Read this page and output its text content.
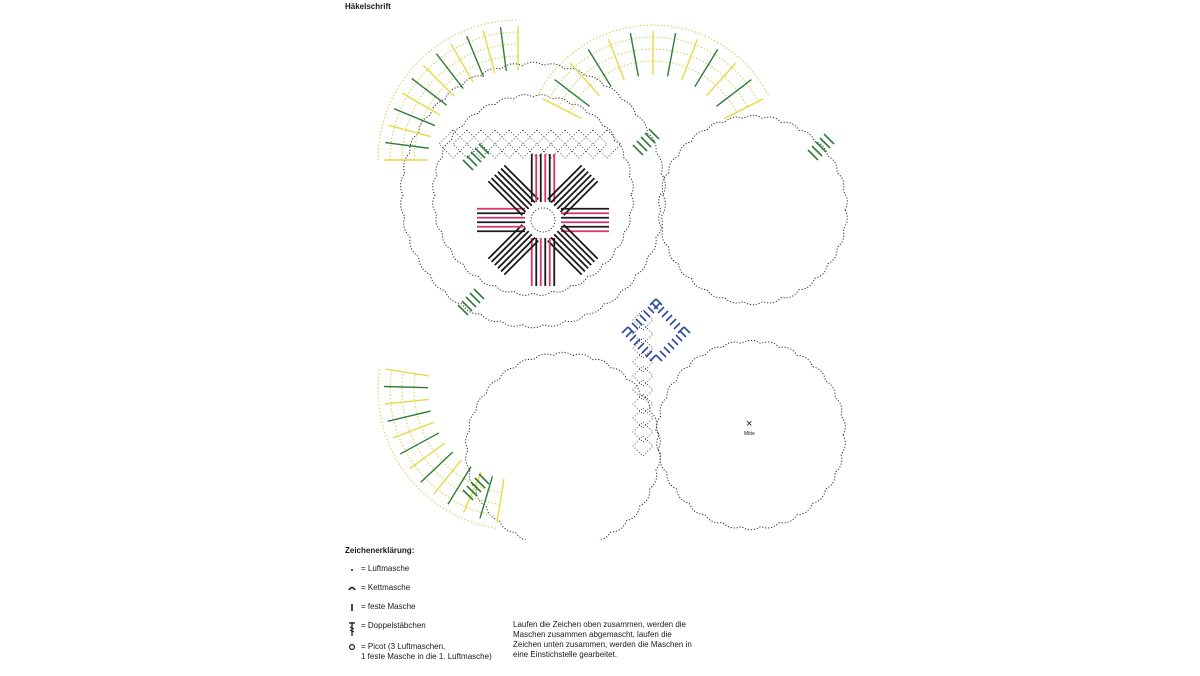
Häkelschrift
×
Mitte
Zeichenerklärung:
= Luftmasche
= Kettmasche
= feste Masche
= Doppelstäbchen
= Picot (3 Luftmaschen,
1 feste Masche in die 1. Luftmasche)
Laufen die Zeichen oben zusammen, werden die Maschen zusammen abgemascht, laufen die Zeichen unten zusammen, werden die Maschen in eine Einstichstelle gearbeitet.
